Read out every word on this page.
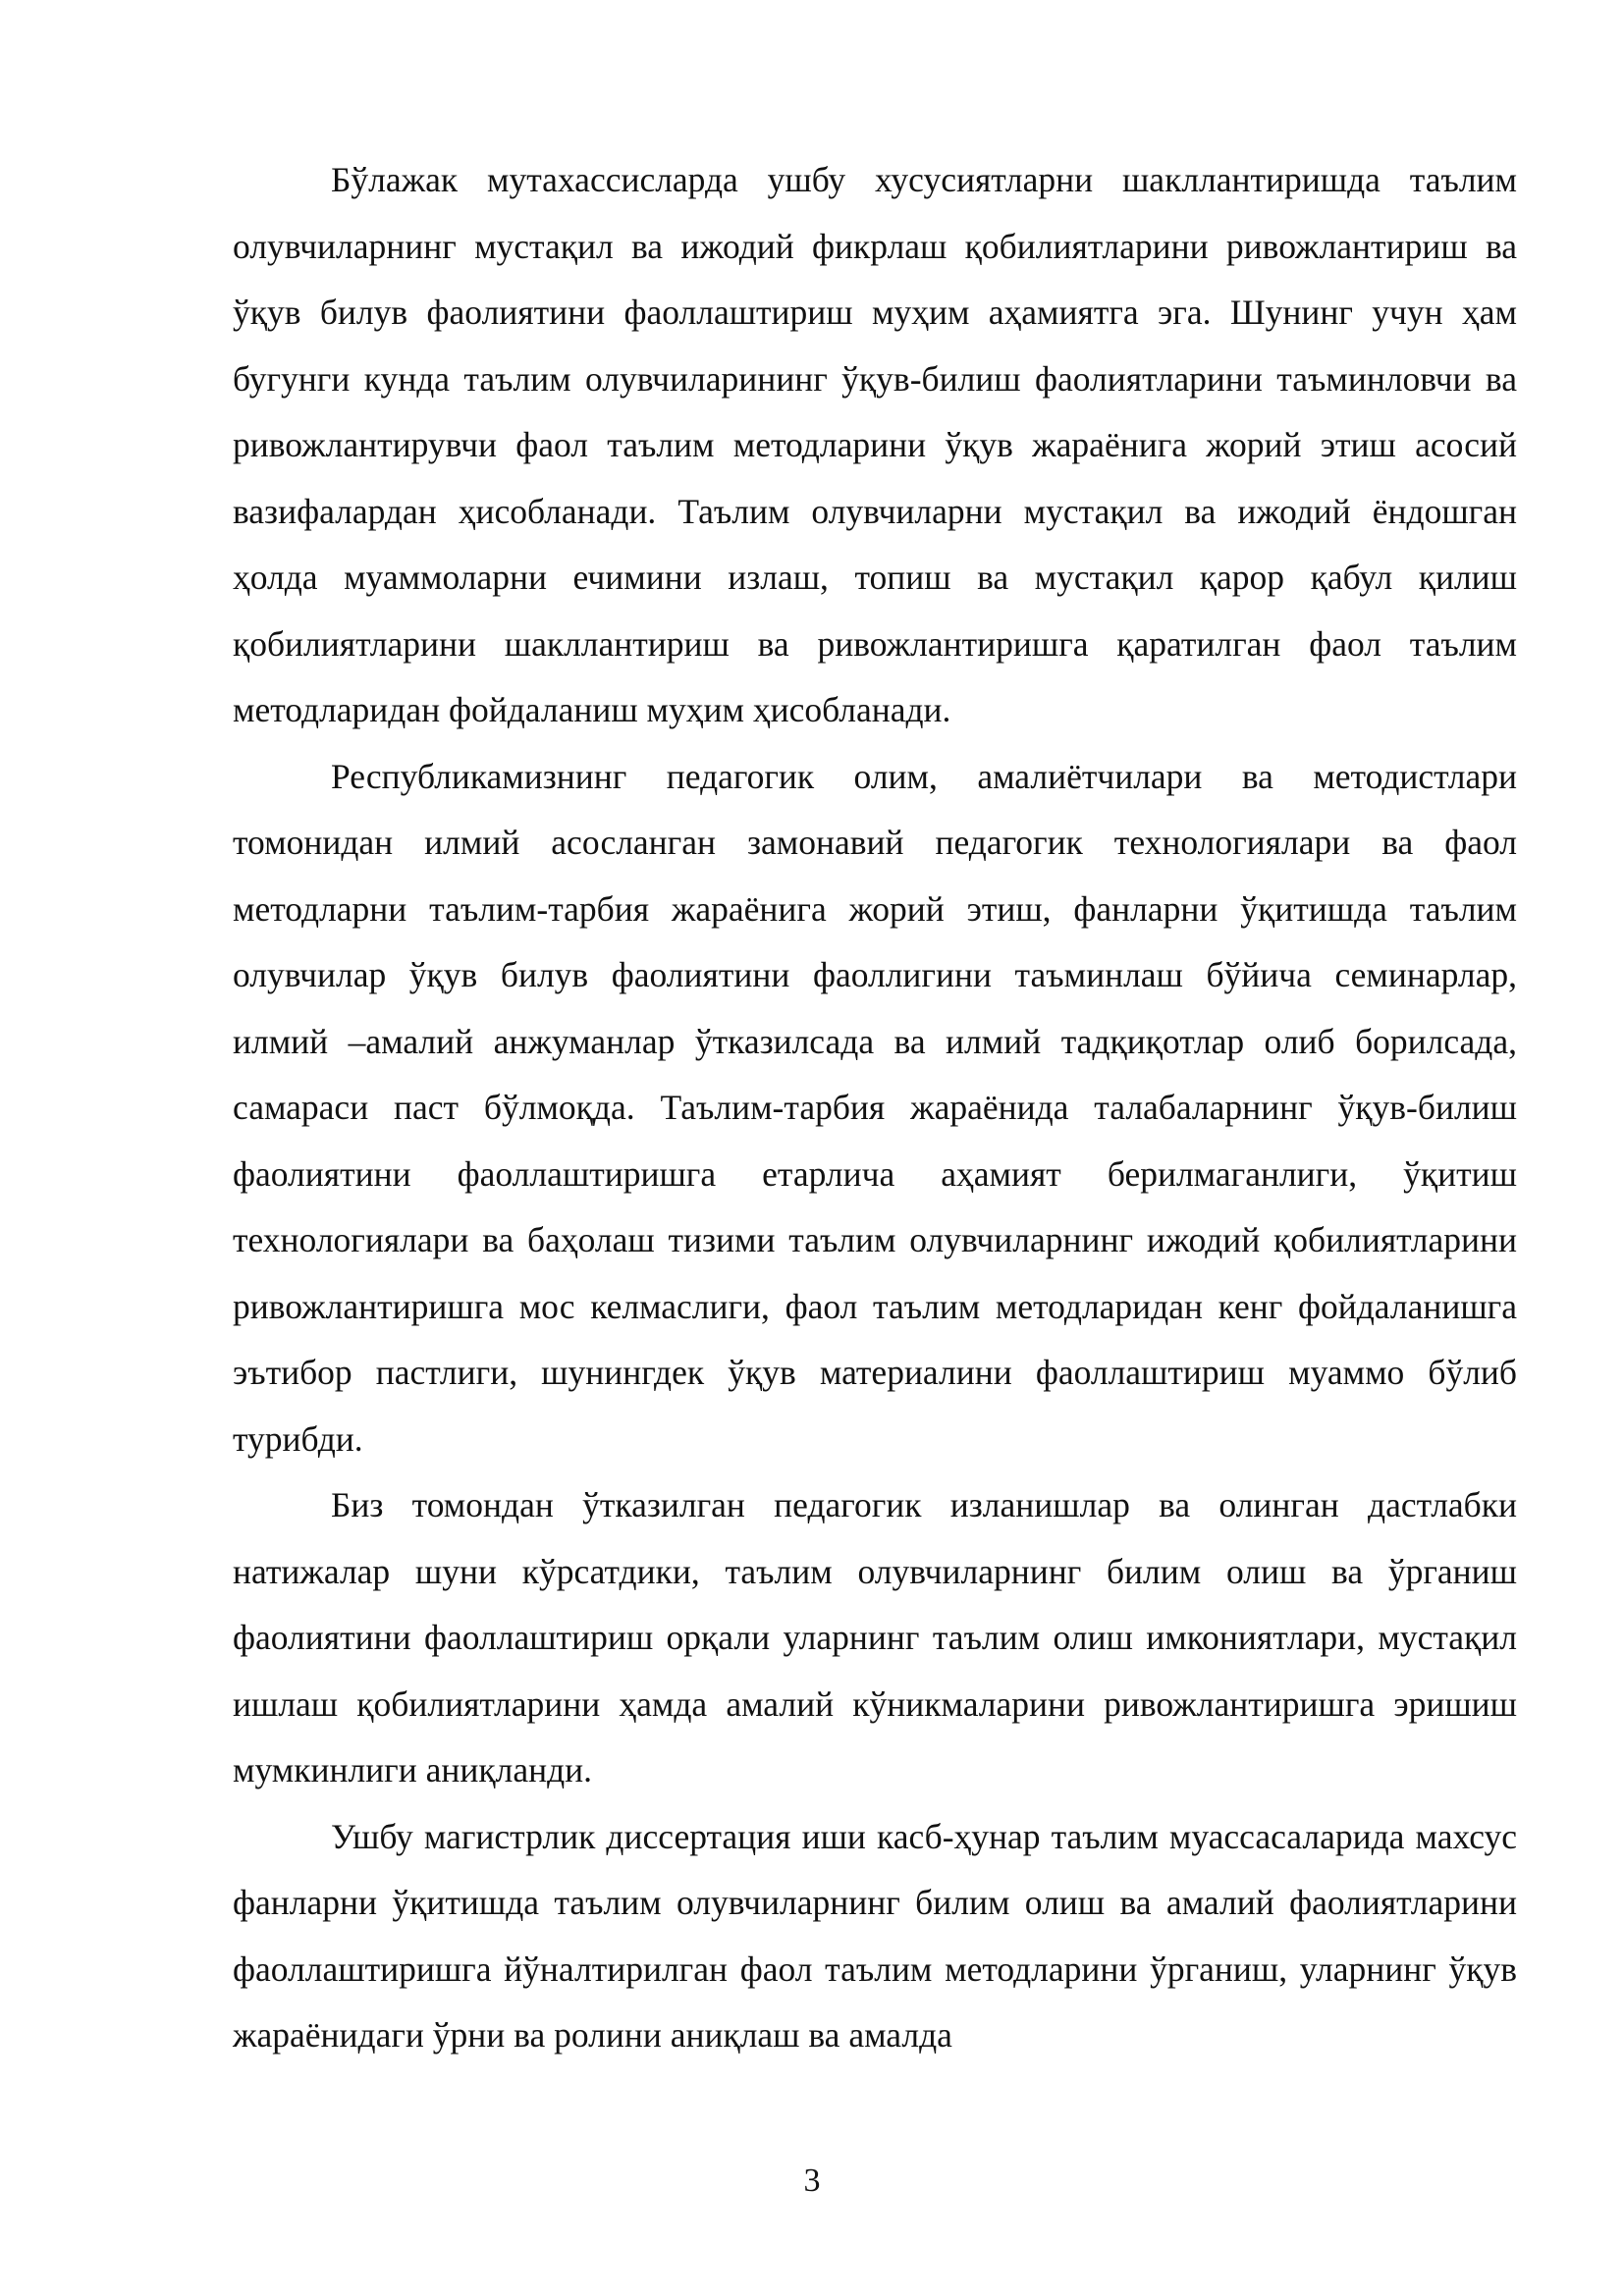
Бўлажак мутахассисларда ушбу хусусиятларни шакллантиришда таълим олувчиларнинг мустақил ва ижодий фикрлаш қобилиятларини ривожлантириш ва ўқув билув фаолиятини фаоллаштириш муҳим аҳамиятга эга. Шунинг учун ҳам бугунги кунда таълим олувчиларининг ўқув-билиш фаолиятларини таъминловчи ва ривожлантирувчи фаол таълим методларини ўқув жараёнига жорий этиш асосий вазифалардан ҳисобланади. Таълим олувчиларни мустақил ва ижодий ёндошган ҳолда муаммоларни ечимини излаш, топиш ва мустақил қарор қабул қилиш қобилиятларини шакллантириш ва ривожлантиришга қаратилган фаол таълим методларидан фойдаланиш муҳим ҳисобланади.

Республикамизнинг педагогик олим, амалиётчилари ва методистлари томонидан илмий асосланган замонавий педагогик технологиялари ва фаол методларни таълим-тарбия жараёнига жорий этиш, фанларни ўқитишда таълим олувчилар ўқув билув фаолиятини фаоллигини таъминлаш бўйича семинарлар, илмий –амалий анжуманлар ўтказилсада ва илмий тадқиқотлар олиб борилсада, самараси паст бўлмоқда. Таълим-тарбия жараёнида талабаларнинг ўқув-билиш фаолиятини фаоллаштиришга етарлича аҳамият берилмаганлиги, ўқитиш технологиялари ва баҳолаш тизими таълим олувчиларнинг ижодий қобилиятларини ривожлантиришга мос келмаслиги, фаол таълим методларидан кенг фойдаланишга эътибор пастлиги, шунингдек ўқув материалини фаоллаштириш муаммо бўлиб турибди.

Биз томондан ўтказилган педагогик изланишлар ва олинган дастлабки натижалар шуни кўрсатдики, таълим олувчиларнинг билим олиш ва ўрганиш фаолиятини фаоллаштириш орқали уларнинг таълим олиш имкониятлари, мустақил ишлаш қобилиятларини ҳамда амалий кўникмаларини ривожлантиришга эришиш мумкинлиги аниқланди.

Ушбу магистрлик диссертация иши касб-ҳунар таълим муассасаларида махсус фанларни ўқитишда таълим олувчиларнинг билим олиш ва амалий фаолиятларини фаоллаштиришга йўналтирилган фаол таълим методларини ўрганиш, уларнинг ўқув жараёнидаги ўрни ва ролини аниқлаш ва амалда

3
